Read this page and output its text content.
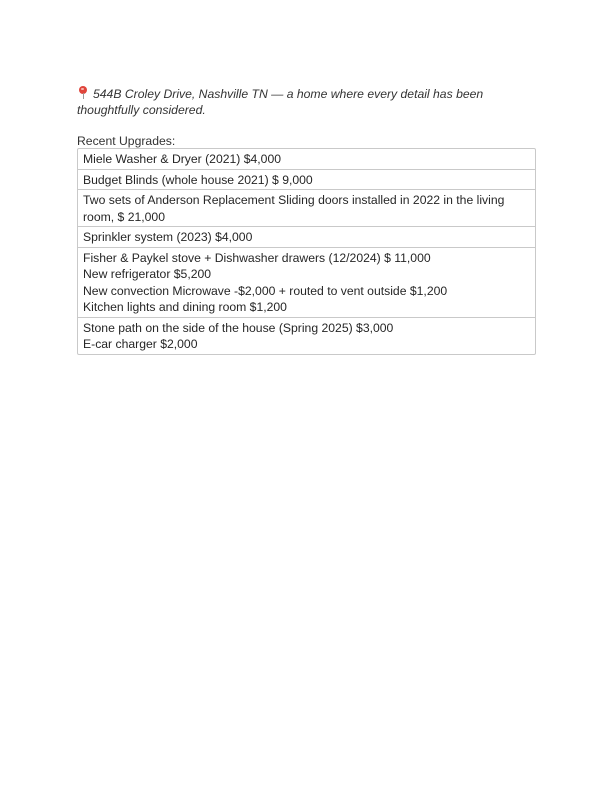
544B Croley Drive, Nashville TN — a home where every detail has been thoughtfully considered.
Recent Upgrades:
Miele Washer & Dryer (2021) $4,000
Budget Blinds (whole house 2021) $ 9,000
Two sets of Anderson Replacement Sliding doors installed in 2022 in the living room, $ 21,000
Sprinkler system (2023) $4,000
Fisher & Paykel stove + Dishwasher drawers (12/2024) $ 11,000
New refrigerator $5,200
New convection Microwave -$2,000 + routed to vent outside $1,200
Kitchen lights and dining room $1,200
Stone path on the side of the house (Spring 2025) $3,000
E-car charger $2,000
